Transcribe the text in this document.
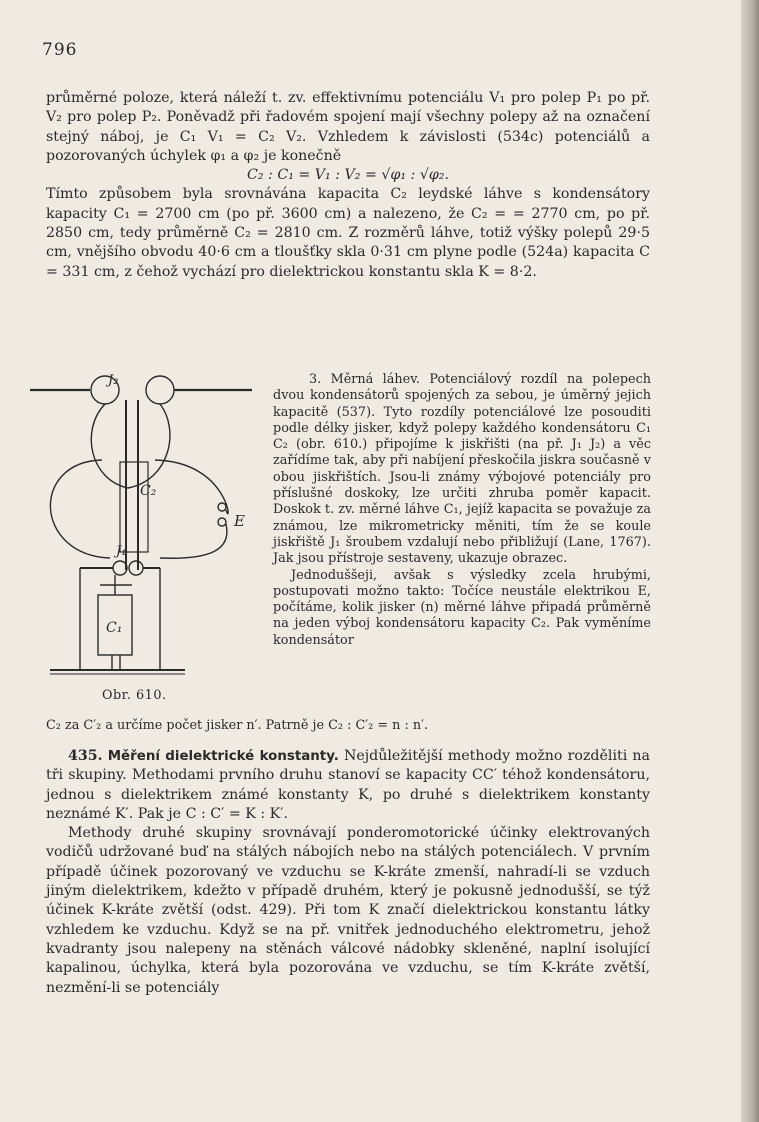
796

průměrné poloze, která náleží t. zv. effektivnímu potenciálu V₁ pro polep P₁ po př. V₂ pro polep P₂. Poněvadž při řadovém spojení mají všechny polepy až na označení stejný náboj, je C₁ V₁ = C₂ V₂. Vzhledem k závislosti (534c) potenciálů a pozorovaných úchylek φ₁ a φ₂ je konečně

C₂ : C₁ = V₁ : V₂ = √φ₁ : √φ₂.

Tímto způsobem byla srovnávána kapacita C₂ leydské láhve s kondensátory kapacity C₁ = 2700 cm (po př. 3600 cm) a nalezeno, že C₂ = = 2770 cm, po př. 2850 cm, tedy průměrně C₂ = 2810 cm. Z rozměrů láhve, totiž výšky polepů 29·5 cm, vnějšího obvodu 40·6 cm a tloušťky skla 0·31 cm plyne podle (524a) kapacita C = 331 cm, z čehož vychází pro dielektrickou konstantu skla K = 8·2.

J₂
C₂
E
J₁
C₁
Obr. 610.

3. Měrná láhev. Potenciálový rozdíl na polepech dvou kondensátorů spojených za sebou, je úměrný jejich kapacitě (537). Tyto rozdíly potenciálové lze posouditi podle délky jisker, když polepy každého kondensátoru C₁ C₂ (obr. 610.) připojíme k jiskřišti (na př. J₁ J₂) a věc zařídíme tak, aby při nabíjení přeskočila jiskra současně v obou jiskřištích. Jsou-li známy výbojové potenciály pro příslušné doskoky, lze určiti zhruba poměr kapacit. Doskok t. zv. měrné láhve C₁, jejíž kapacita se považuje za známou, lze mikrometricky měniti, tím že se koule jiskřiště J₁ šroubem vzdalují nebo přibližují (Lane, 1767). Jak jsou přístroje sestaveny, ukazuje obrazec.

Jednoduššeji, avšak s výsledky zcela hrubými, postupovati možno takto: Točíce neustále elektrikou E, počítáme, kolik jisker (n) měrné láhve připadá průměrně na jeden výboj kondensátoru kapacity C₂. Pak vyměníme kondensátor

C₂ za C′₂ a určíme počet jisker n′. Patrně je C₂ : C′₂ = n : n′.

435. Měření dielektrické konstanty. Nejdůležitější methody možno rozděliti na tři skupiny. Methodami prvního druhu stanoví se kapacity CC′ téhož kondensátoru, jednou s dielektrikem známé konstanty K, po druhé s dielektrikem konstanty neznámé K′. Pak je C : C′ = K : K′.

Methody druhé skupiny srovnávají ponderomotorické účinky elektrovaných vodičů udržované buď na stálých nábojích nebo na stálých potenciálech. V prvním případě účinek pozorovaný ve vzduchu se K-kráte zmenší, nahradí-li se vzduch jiným dielektrikem, kdežto v případě druhém, který je pokusně jednodušší, se týž účinek K-kráte zvětší (odst. 429). Při tom K značí dielektrickou konstantu látky vzhledem ke vzduchu. Když se na př. vnitřek jednoduchého elektrometru, jehož kvadranty jsou nalepeny na stěnách válcové nádobky skleněné, naplní isolující kapalinou, úchylka, která byla pozorována ve vzduchu, se tím K-kráte zvětší, nezmění-li se potenciály
